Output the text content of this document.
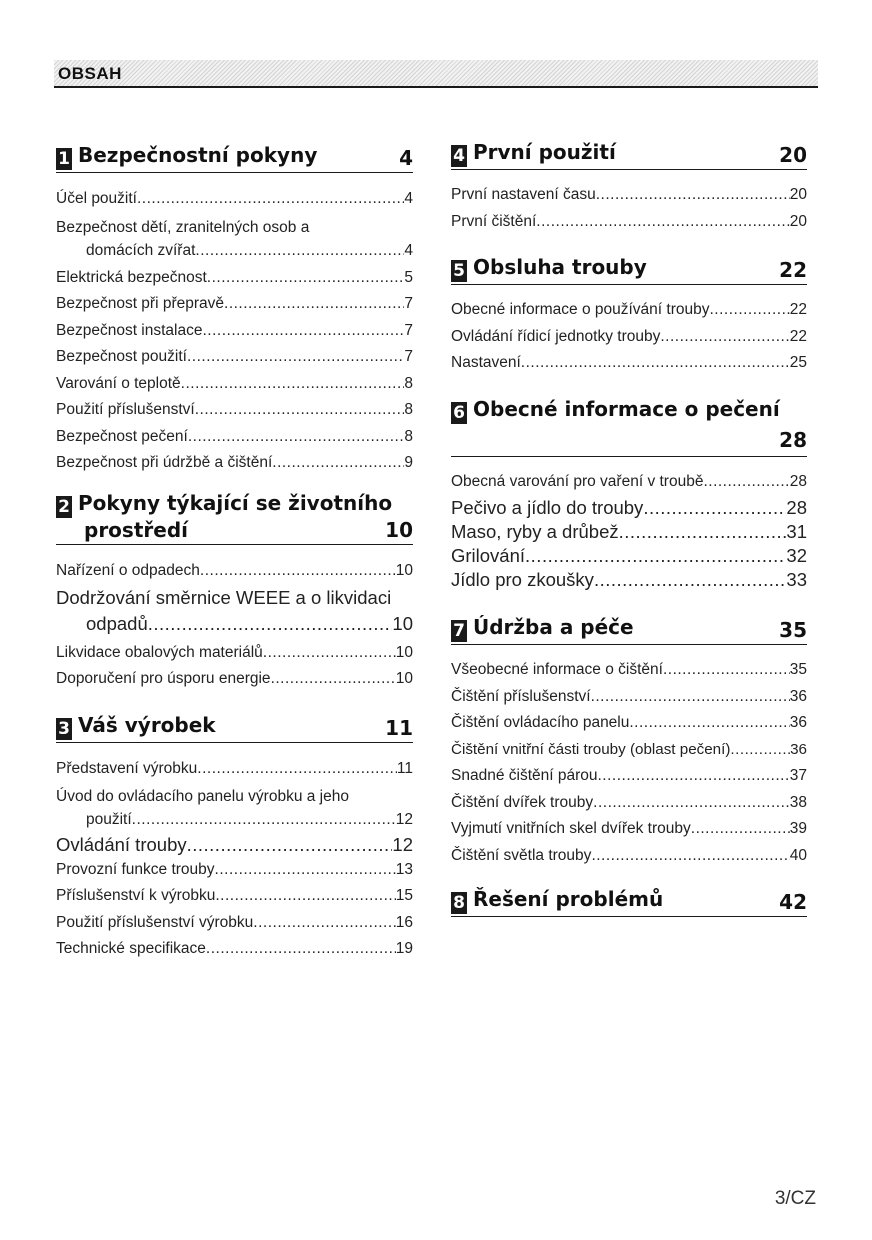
OBSAH
1 Bezpečnostní pokyny	4
Účel použití .....	4
Bezpečnost dětí, zranitelných osob a
domácích zvířat .....	4
Elektrická bezpečnost .....	5
Bezpečnost při přepravě .....	7
Bezpečnost instalace .....	7
Bezpečnost použití .....	7
Varování o teplotě .....	8
Použití příslušenství .....	8
Bezpečnost pečení .....	8
Bezpečnost při údržbě a čištění .....	9
2 Pokyny týkající se životního
prostředí	10
Nařízení o odpadech .....	10
Dodržování směrnice WEEE a o likvidaci
odpadů .....	10
Likvidace obalových materiálů .....	10
Doporučení pro úsporu energie .....	10
3 Váš výrobek	11
Představení výrobku .....	11
Úvod do ovládacího panelu výrobku a jeho
použití .....	12
Ovládání trouby .....	12
Provozní funkce trouby .....	13
Příslušenství k výrobku .....	15
Použití příslušenství výrobku .....	16
Technické specifikace .....	19
4 První použití	20
První nastavení času .....	20
První čištění .....	20
5 Obsluha trouby	22
Obecné informace o používání trouby .....	22
Ovládání řídicí jednotky trouby .....	22
Nastavení .....	25
6 Obecné informace o pečení
28
Obecná varování pro vaření v troubě .....	28
Pečivo a jídlo do trouby .....	28
Maso, ryby a drůbež .....	31
Grilování .....	32
Jídlo pro zkoušky .....	33
7 Údržba a péče	35
Všeobecné informace o čištění .....	35
Čištění příslušenství .....	36
Čištění ovládacího panelu .....	36
Čištění vnitřní části trouby (oblast pečení) .....	36
Snadné čištění párou .....	37
Čištění dvířek trouby .....	38
Vyjmutí vnitřních skel dvířek trouby .....	39
Čištění světla trouby .....	40
8 Řešení problémů	42
3/CZ
